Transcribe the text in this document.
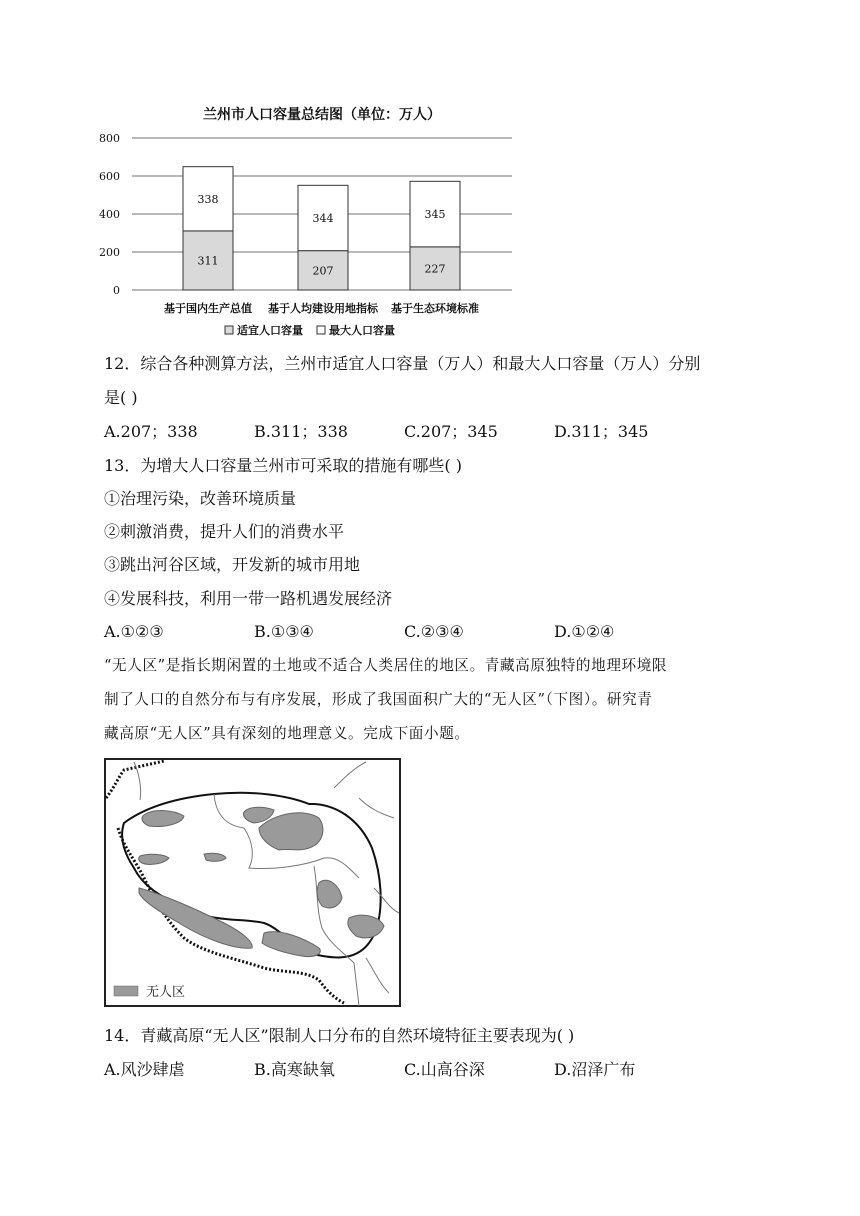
兰州市人口容量总结图（单位：万人）
0
200
400
600
800
311
338
基于国内生产总值
207
344
基于人均建设用地指标
227
345
基于生态环境标准
适宜人口容量 最大人口容量
12．综合各种测算方法，兰州市适宜人口容量（万人）和最大人口容量（万人）分别
是( )
A.207；338	B.311；338	C.207；345	D.311；345
13．为增大人口容量兰州市可采取的措施有哪些( )
①治理污染，改善环境质量
②刺激消费，提升人们的消费水平
③跳出河谷区域，开发新的城市用地
④发展科技，利用一带一路机遇发展经济
A.①②③	B.①③④	C.②③④	D.①②④
“无人区”是指长期闲置的土地或不适合人类居住的地区。青藏高原独特的地理环境限
制了人口的自然分布与有序发展，形成了我国面积广大的“无人区”（下图）。研究青
藏高原“无人区”具有深刻的地理意义。完成下面小题。
无人区
14．青藏高原“无人区”限制人口分布的自然环境特征主要表现为( )
A.风沙肆虐	B.高寒缺氧	C.山高谷深	D.沼泽广布
